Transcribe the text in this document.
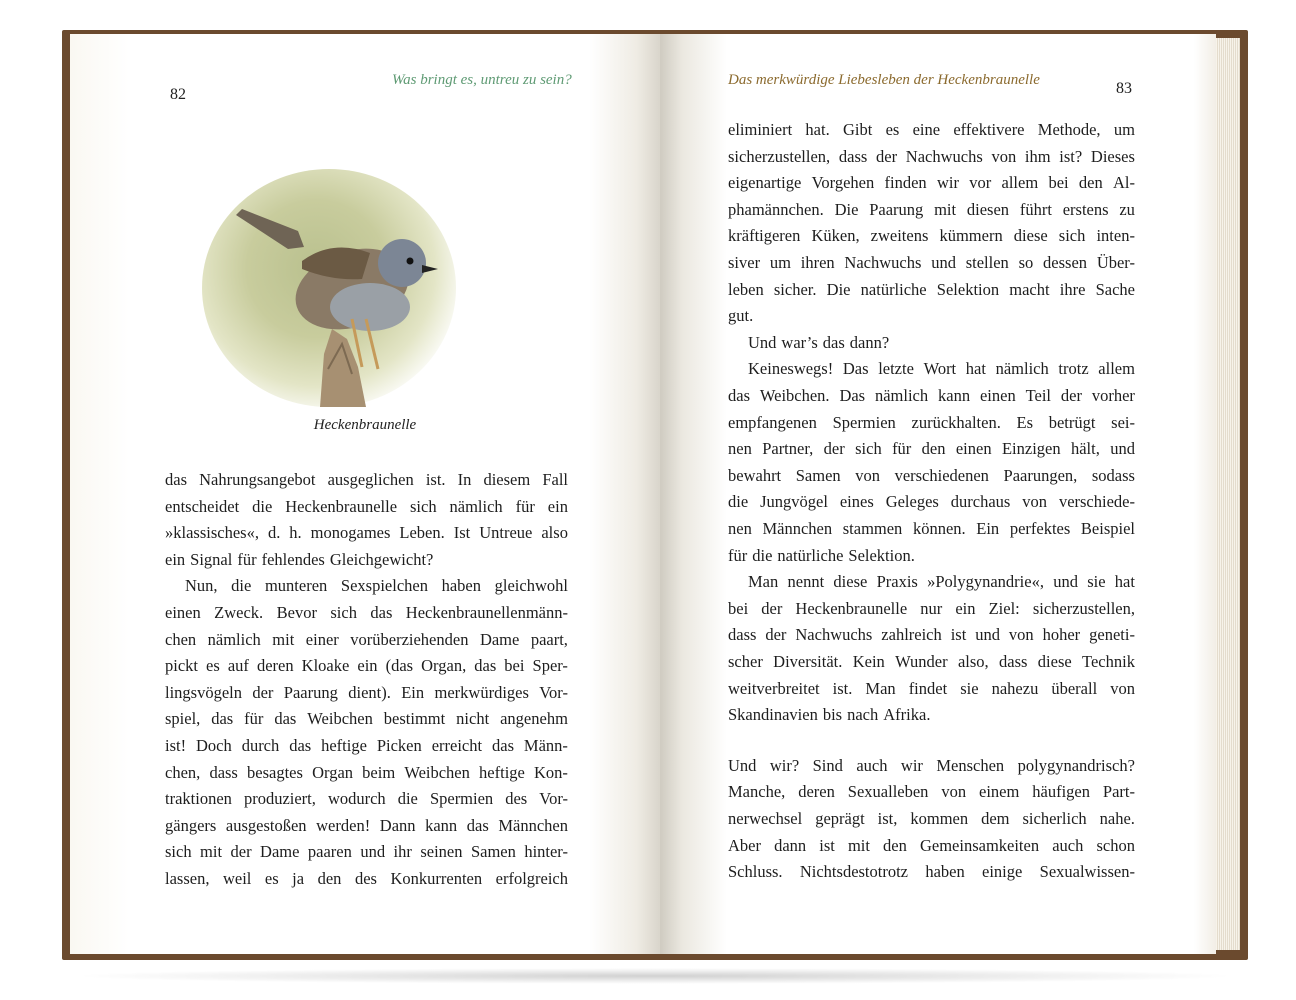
82
Was bringt es, untreu zu sein?
Heckenbraunelle
das Nahrungsangebot ausgeglichen ist. In diesem Fall
entscheidet die Heckenbraunelle sich nämlich für ein
»klassisches«, d. h. monogames Leben. Ist Untreue also
ein Signal für fehlendes Gleichgewicht?
Nun, die munteren Sexspielchen haben gleichwohl
einen Zweck. Bevor sich das Heckenbraunellenmänn-
chen nämlich mit einer vorüberziehenden Dame paart,
pickt es auf deren Kloake ein (das Organ, das bei Sper-
lingsvögeln der Paarung dient). Ein merkwürdiges Vor-
spiel, das für das Weibchen bestimmt nicht angenehm
ist! Doch durch das heftige Picken erreicht das Männ-
chen, dass besagtes Organ beim Weibchen heftige Kon-
traktionen produziert, wodurch die Spermien des Vor-
gängers ausgestoßen werden! Dann kann das Männchen
sich mit der Dame paaren und ihr seinen Samen hinter-
lassen, weil es ja den des Konkurrenten erfolgreich
Das merkwürdige Liebesleben der Heckenbraunelle	83
eliminiert hat. Gibt es eine effektivere Methode, um
sicherzustellen, dass der Nachwuchs von ihm ist? Dieses
eigenartige Vorgehen finden wir vor allem bei den Al-
phamännchen. Die Paarung mit diesen führt erstens zu
kräftigeren Küken, zweitens kümmern diese sich inten-
siver um ihren Nachwuchs und stellen so dessen Über-
leben sicher. Die natürliche Selektion macht ihre Sache
gut.
Und war’s das dann?
Keineswegs! Das letzte Wort hat nämlich trotz allem
das Weibchen. Das nämlich kann einen Teil der vorher
empfangenen Spermien zurückhalten. Es betrügt sei-
nen Partner, der sich für den einen Einzigen hält, und
bewahrt Samen von verschiedenen Paarungen, sodass
die Jungvögel eines Geleges durchaus von verschiede-
nen Männchen stammen können. Ein perfektes Beispiel
für die natürliche Selektion.
Man nennt diese Praxis »Polygynandrie«, und sie hat
bei der Heckenbraunelle nur ein Ziel: sicherzustellen,
dass der Nachwuchs zahlreich ist und von hoher geneti-
scher Diversität. Kein Wunder also, dass diese Technik
weitverbreitet ist. Man findet sie nahezu überall von
Skandinavien bis nach Afrika.
Und wir? Sind auch wir Menschen polygynandrisch?
Manche, deren Sexualleben von einem häufigen Part-
nerwechsel geprägt ist, kommen dem sicherlich nahe.
Aber dann ist mit den Gemeinsamkeiten auch schon
Schluss. Nichtsdestotrotz haben einige Sexualwissen-
